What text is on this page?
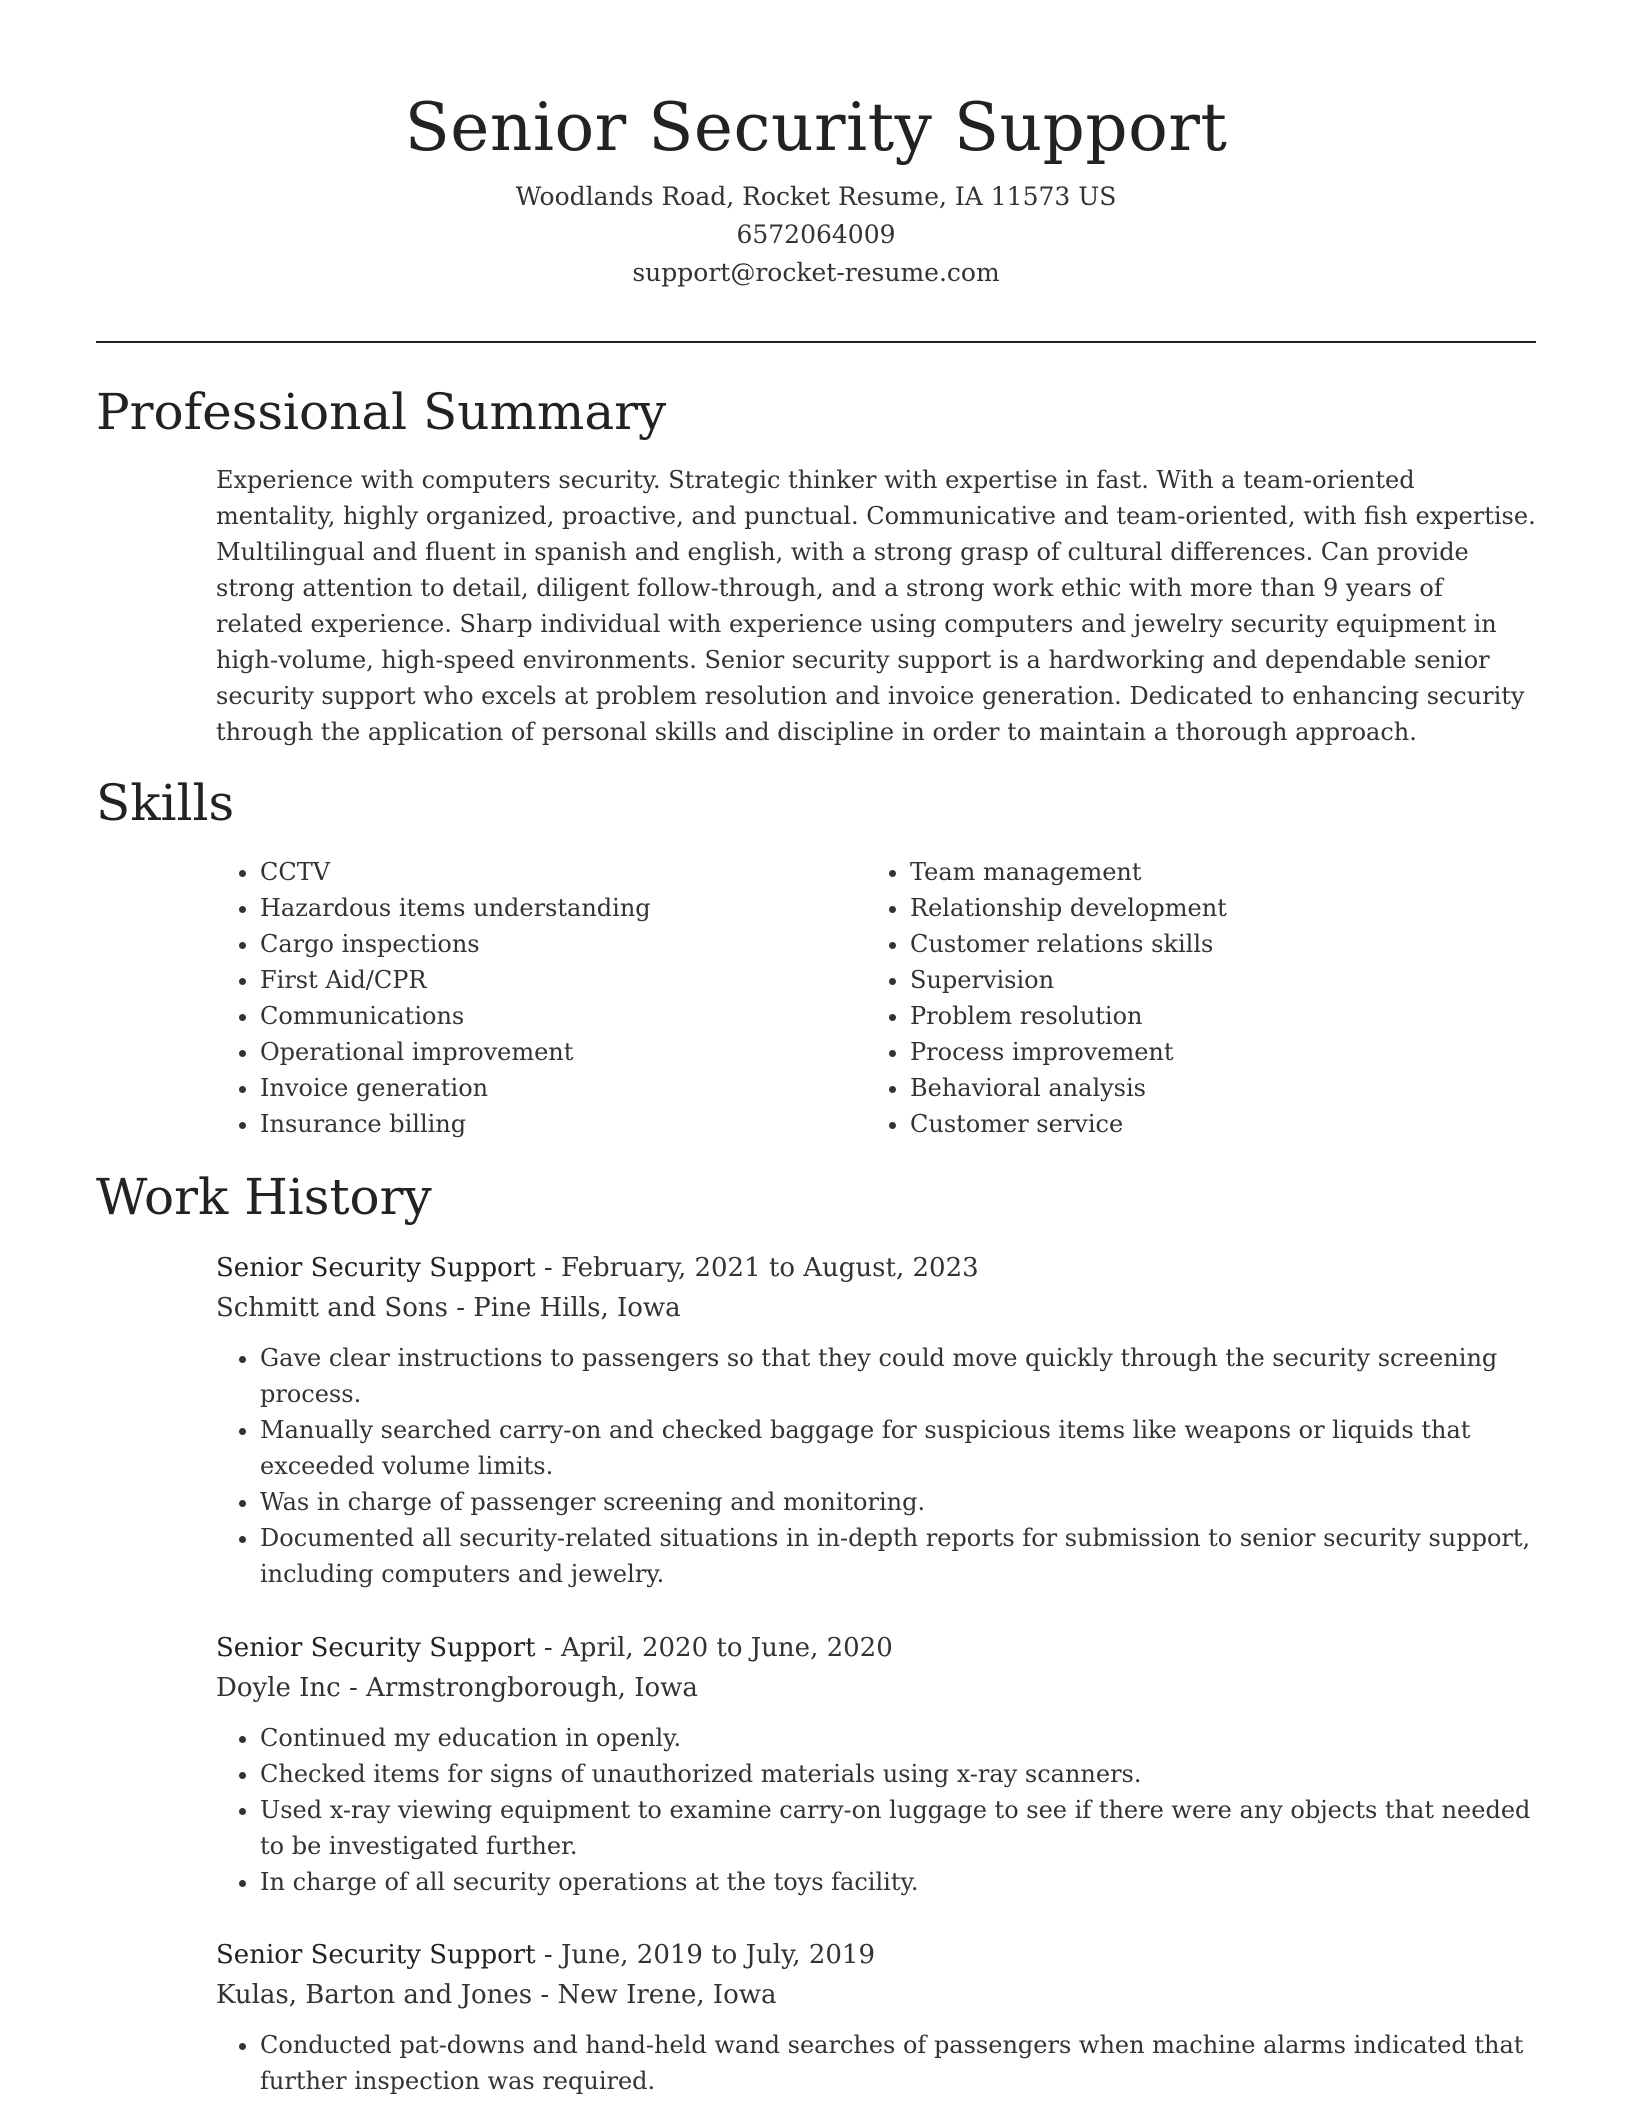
Senior Security Support
Woodlands Road, Rocket Resume, IA 11573 US
6572064009
support@rocket-resume.com
Professional Summary

Experience with computers security. Strategic thinker with expertise in fast. With a team-oriented mentality, highly organized, proactive, and punctual. Communicative and team-oriented, with fish expertise. Multilingual and fluent in spanish and english, with a strong grasp of cultural differences. Can provide strong attention to detail, diligent follow-through, and a strong work ethic with more than 9 years of related experience. Sharp individual with experience using computers and jewelry security equipment in high-volume, high-speed environments. Senior security support is a hardworking and dependable senior security support who excels at problem resolution and invoice generation. Dedicated to enhancing security through the application of personal skills and discipline in order to maintain a thorough approach.

Skills
• CCTV
• Hazardous items understanding
• Cargo inspections
• First Aid/CPR
• Communications
• Operational improvement
• Invoice generation
• Insurance billing
• Team management
• Relationship development
• Customer relations skills
• Supervision
• Problem resolution
• Process improvement
• Behavioral analysis
• Customer service
Work History
Senior Security Support - February, 2021 to August, 2023
Schmitt and Sons - Pine Hills, Iowa
• Gave clear instructions to passengers so that they could move quickly through the security screening process.
• Manually searched carry-on and checked baggage for suspicious items like weapons or liquids that exceeded volume limits.
• Was in charge of passenger screening and monitoring.
• Documented all security-related situations in in-depth reports for submission to senior security support, including computers and jewelry.
Senior Security Support - April, 2020 to June, 2020
Doyle Inc - Armstrongborough, Iowa
• Continued my education in openly.
• Checked items for signs of unauthorized materials using x-ray scanners.
• Used x-ray viewing equipment to examine carry-on luggage to see if there were any objects that needed to be investigated further.
• In charge of all security operations at the toys facility.
Senior Security Support - June, 2019 to July, 2019
Kulas, Barton and Jones - New Irene, Iowa
• Conducted pat-downs and hand-held wand searches of passengers when machine alarms indicated that further inspection was required.
